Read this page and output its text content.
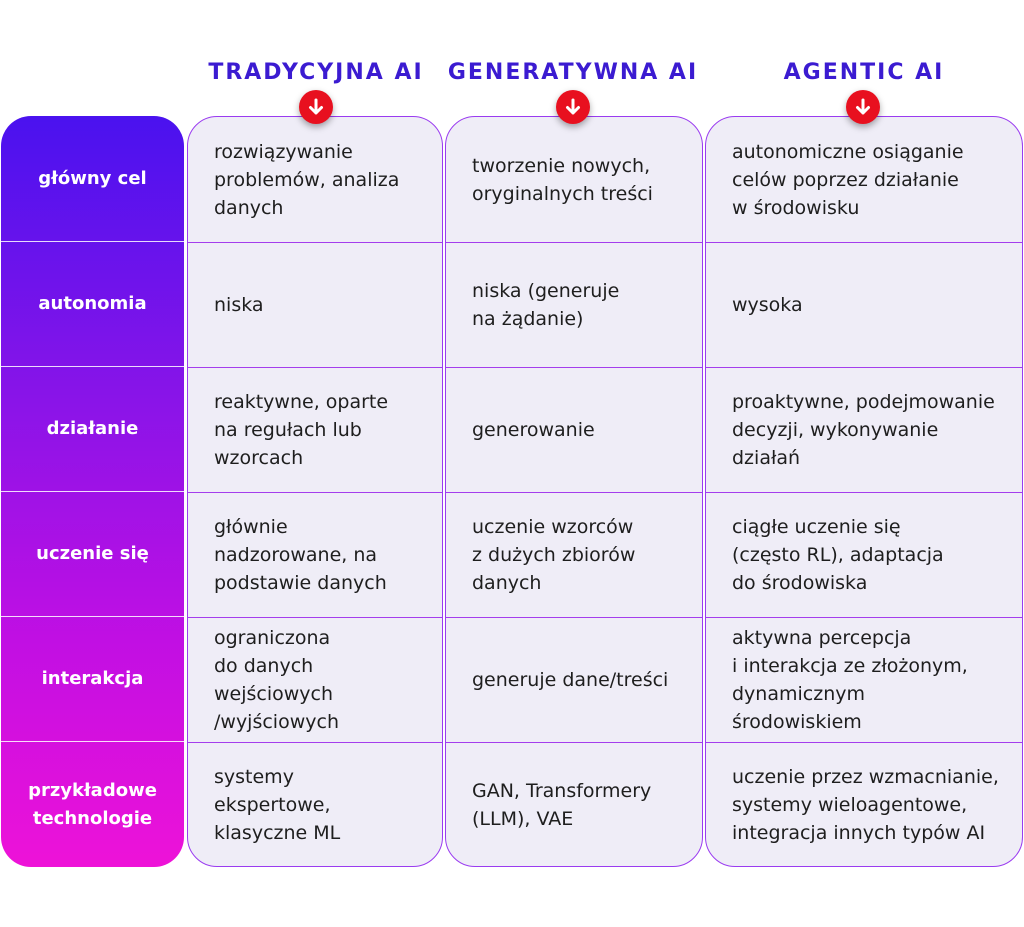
TRADYCYJNA AI	GENERATYWNA AI	AGENTIC AI
główny cel
autonomia
działanie
uczenie się
interakcja
przykładowe
technologie
rozwiązywanie
problemów, analiza
danych
niska
reaktywne, oparte
na regułach lub
wzorcach
głównie
nadzorowane, na
podstawie danych
ograniczona
do danych
wejściowych
/wyjściowych
systemy
ekspertowe,
klasyczne ML
tworzenie nowych,
oryginalnych treści
niska (generuje
na żądanie)
generowanie
uczenie wzorców
z dużych zbiorów
danych
generuje dane/treści
GAN, Transformery
(LLM), VAE
autonomiczne osiąganie
celów poprzez działanie
w środowisku
wysoka
proaktywne, podejmowanie
decyzji, wykonywanie
działań
ciągłe uczenie się
(często RL), adaptacja
do środowiska
aktywna percepcja
i interakcja ze złożonym,
dynamicznym
środowiskiem
uczenie przez wzmacnianie,
systemy wieloagentowe,
integracja innych typów AI
